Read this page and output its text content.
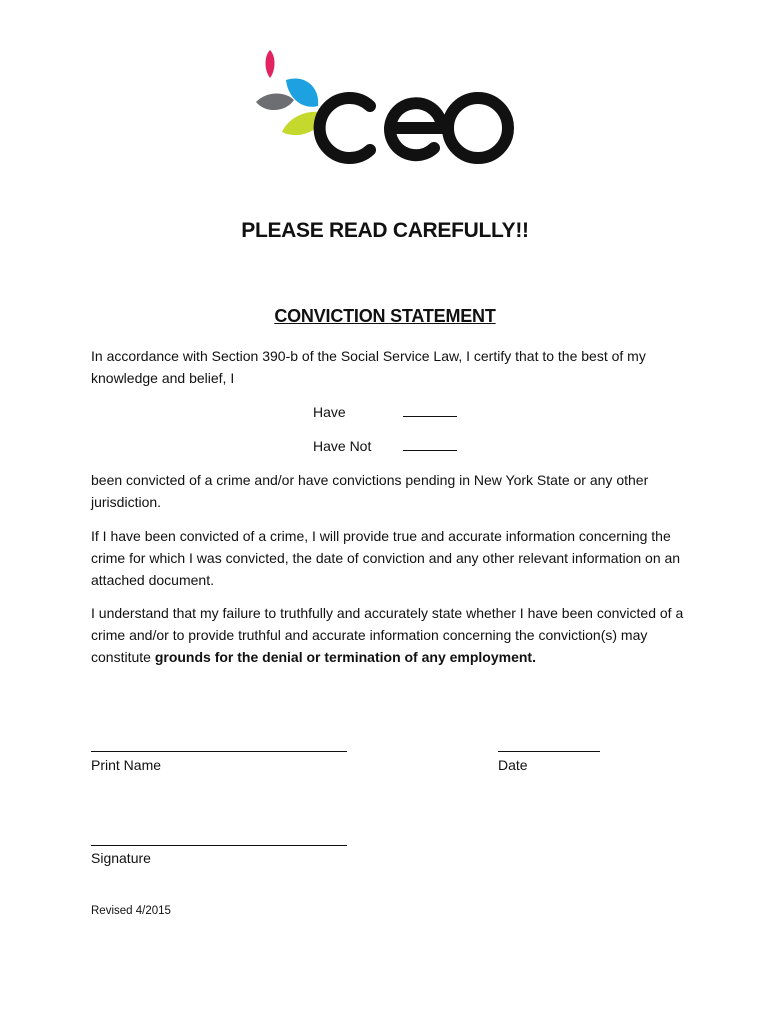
PLEASE READ CAREFULLY!!
CONVICTION STATEMENT

In accordance with Section 390-b of the Social Service Law, I certify that to the best of my knowledge and belief, I

Have
Have Not

been convicted of a crime and/or have convictions pending in New York State or any other jurisdiction.

If I have been convicted of a crime, I will provide true and accurate information concerning the crime for which I was convicted, the date of conviction and any other relevant information on an attached document.

I understand that my failure to truthfully and accurately state whether I have been convicted of a crime and/or to provide truthful and accurate information concerning the conviction(s) may constitute grounds for the denial or termination of any employment.

Print Name	Date
Signature
Revised 4/2015
